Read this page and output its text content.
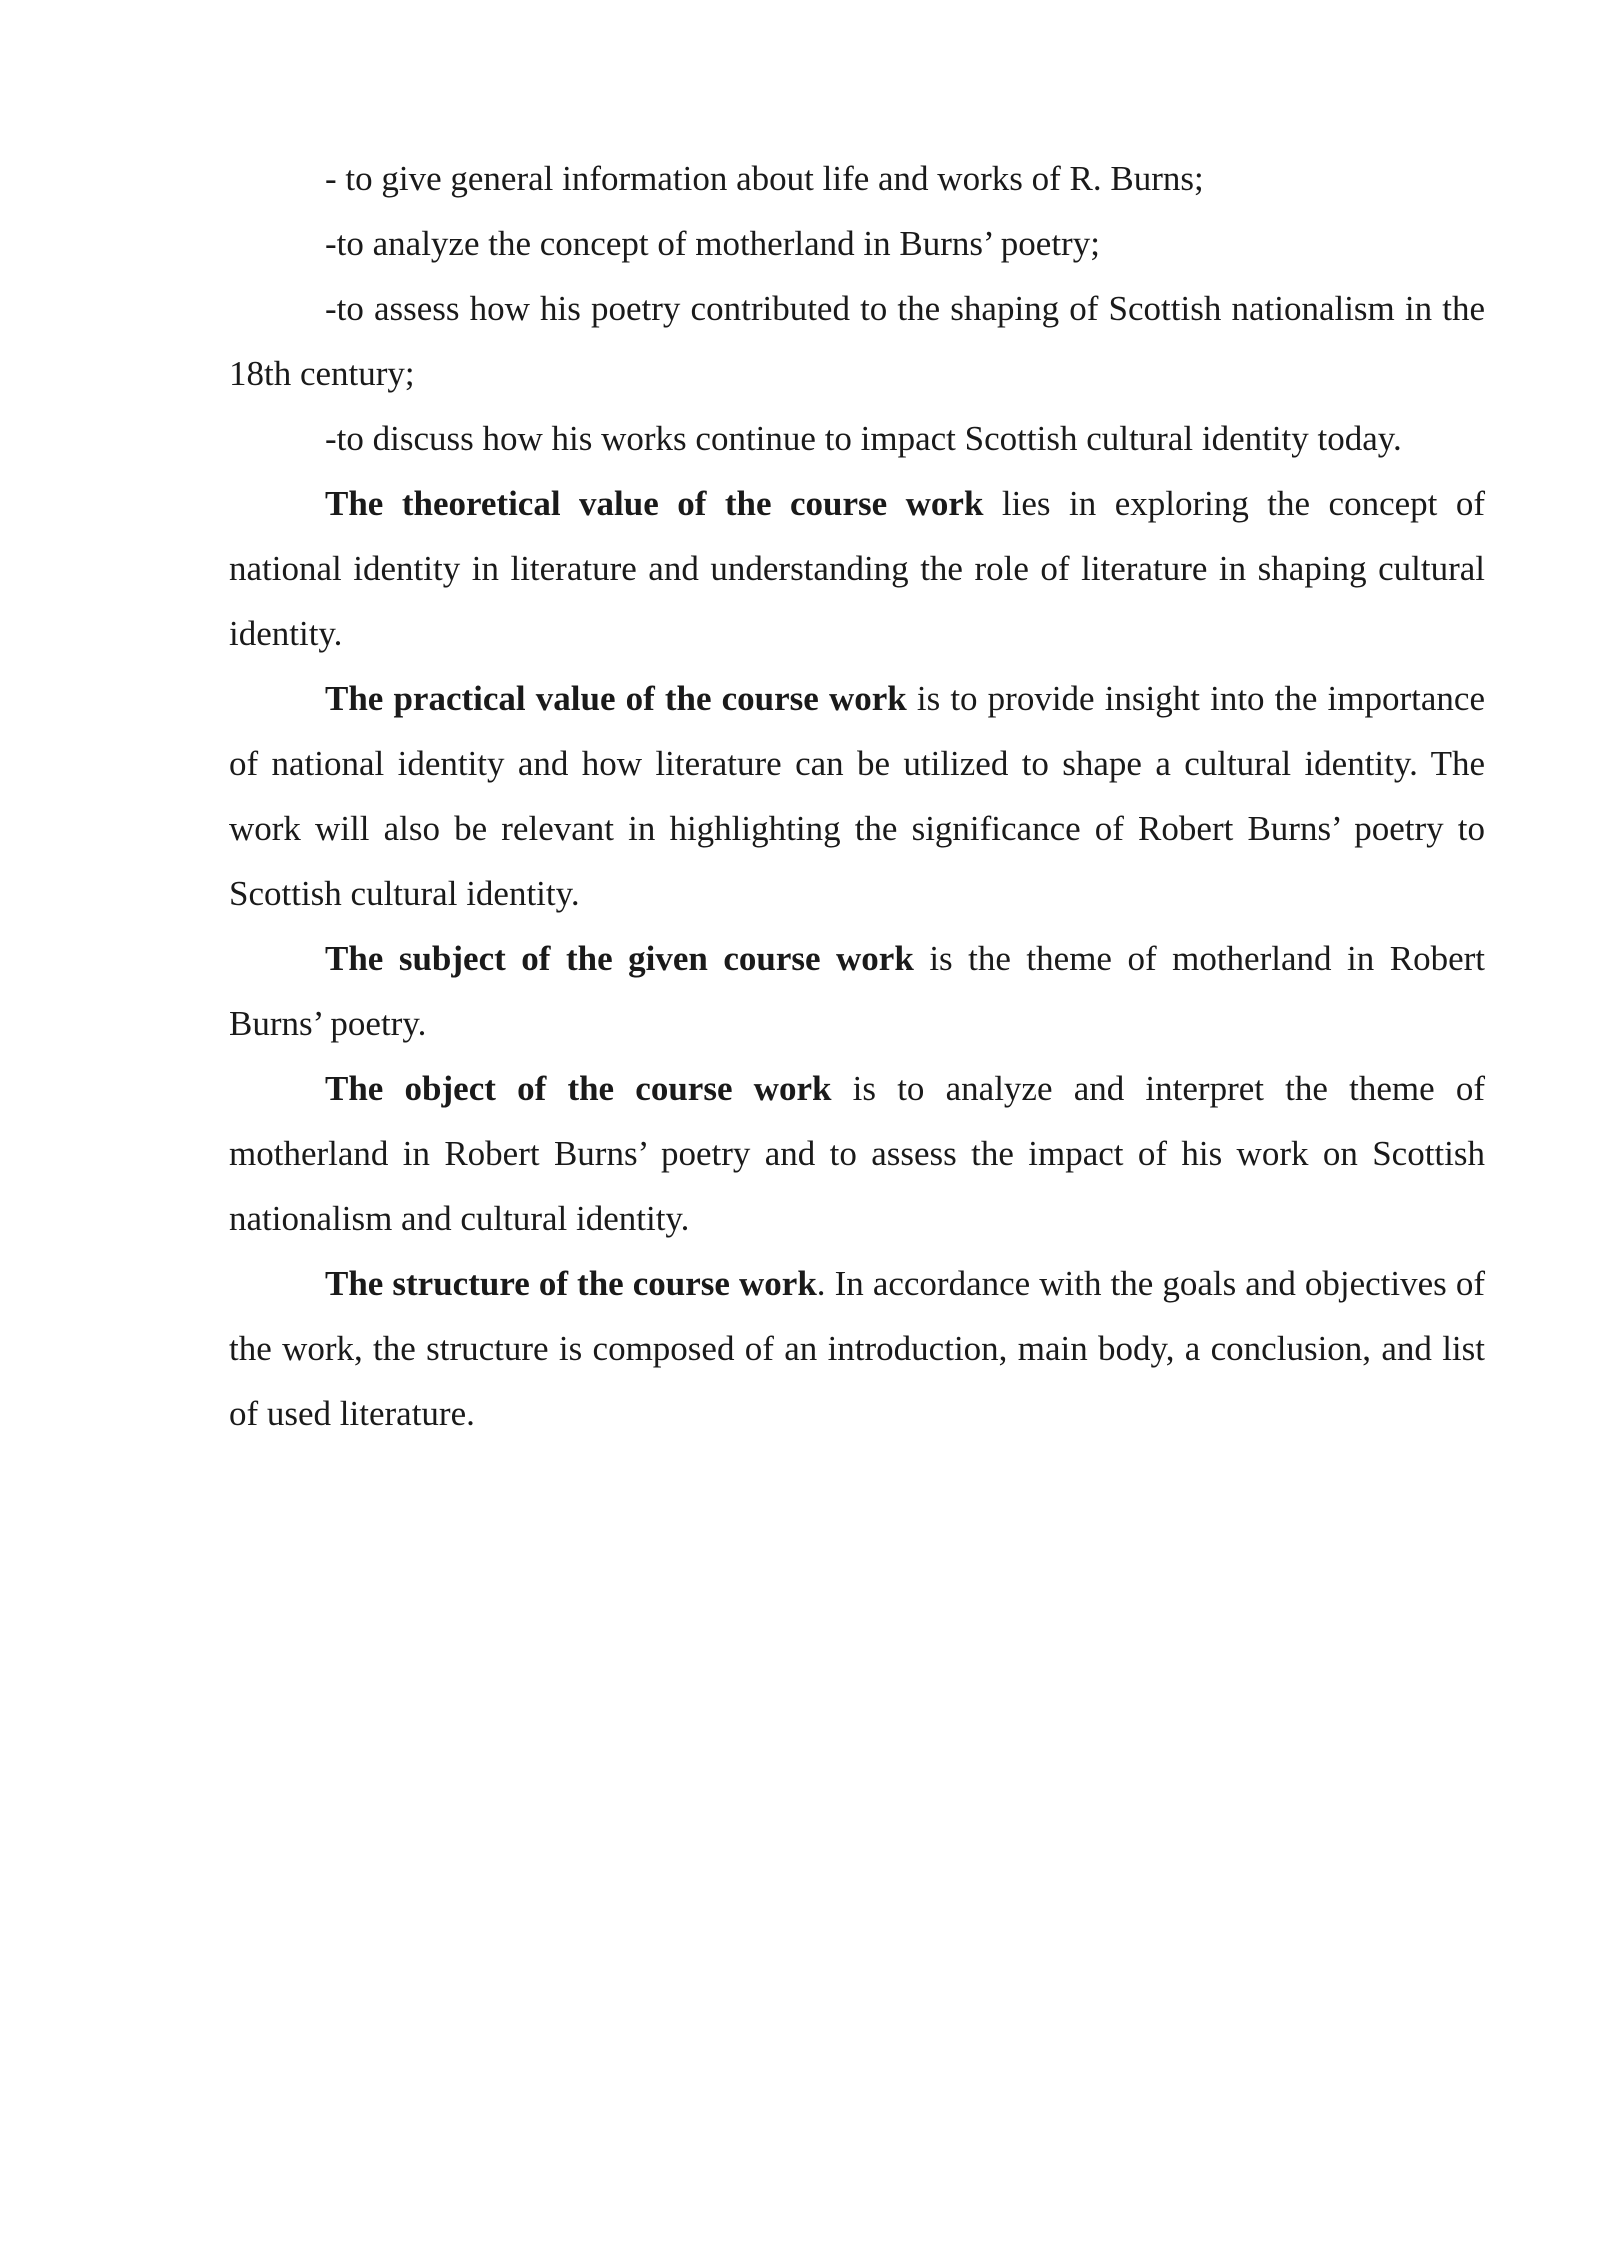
- to give general information about life and works of R. Burns;

-to analyze the concept of motherland in Burns’ poetry;

-to assess how his poetry contributed to the shaping of Scottish nationalism in the 18th century;

-to discuss how his works continue to impact Scottish cultural identity today.

The theoretical value of the course work lies in exploring the concept of national identity in literature and understanding the role of literature in shaping cultural identity.

The practical value of the course work is to provide insight into the importance of national identity and how literature can be utilized to shape a cultural identity. The work will also be relevant in highlighting the significance of Robert Burns’ poetry to Scottish cultural identity.

The subject of the given course work is the theme of motherland in Robert Burns’ poetry.

The object of the course work is to analyze and interpret the theme of motherland in Robert Burns’ poetry and to assess the impact of his work on Scottish nationalism and cultural identity.

The structure of the course work. In accordance with the goals and objectives of the work, the structure is composed of an introduction, main body, a conclusion, and list of used literature.
